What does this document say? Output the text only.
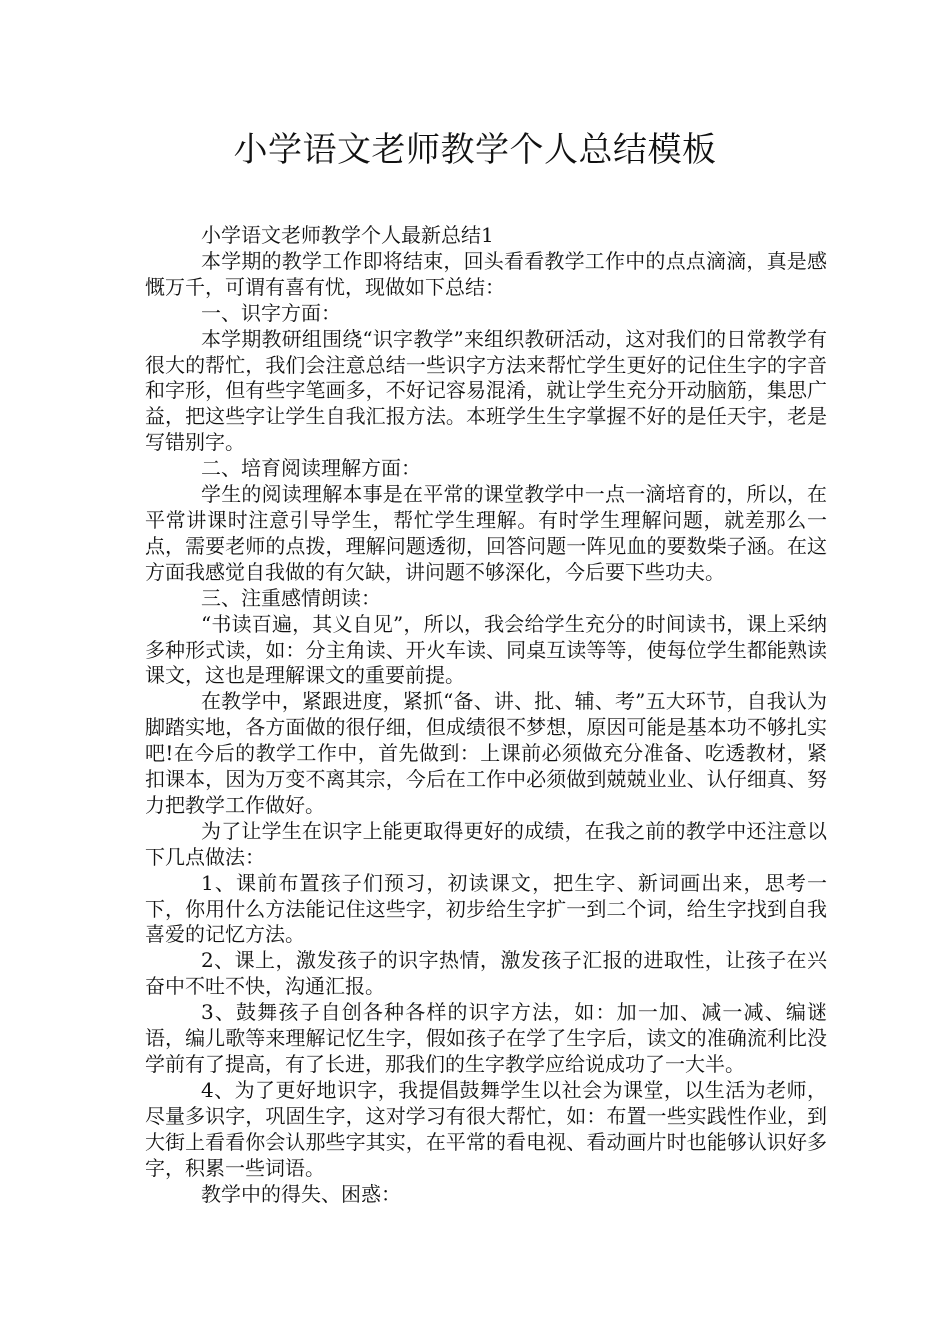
小学语文老师教学个人总结模板

小学语文老师教学个人最新总结1

本学期的教学工作即将结束，回头看看教学工作中的点点滴滴，真是感慨万千，可谓有喜有忧，现做如下总结：

一、识字方面：

本学期教研组围绕“识字教学”来组织教研活动，这对我们的日常教学有很大的帮忙，我们会注意总结一些识字方法来帮忙学生更好的记住生字的字音和字形，但有些字笔画多，不好记容易混淆，就让学生充分开动脑筋，集思广益，把这些字让学生自我汇报方法。本班学生生字掌握不好的是任天宇，老是写错别字。

二、培育阅读理解方面：

学生的阅读理解本事是在平常的课堂教学中一点一滴培育的，所以，在平常讲课时注意引导学生，帮忙学生理解。有时学生理解问题，就差那么一点，需要老师的点拨，理解问题透彻，回答问题一阵见血的要数柴子涵。在这方面我感觉自我做的有欠缺，讲问题不够深化，今后要下些功夫。

三、注重感情朗读：

“书读百遍，其义自见”，所以，我会给学生充分的时间读书，课上采纳多种形式读，如：分主角读、开火车读、同桌互读等等，使每位学生都能熟读课文，这也是理解课文的重要前提。

在教学中，紧跟进度，紧抓“备、讲、批、辅、考”五大环节，自我认为脚踏实地，各方面做的很仔细，但成绩很不梦想，原因可能是基本功不够扎实吧!在今后的教学工作中，首先做到：上课前必须做充分准备、吃透教材，紧扣课本，因为万变不离其宗，今后在工作中必须做到兢兢业业、认仔细真、努力把教学工作做好。

为了让学生在识字上能更取得更好的成绩，在我之前的教学中还注意以下几点做法：

1、课前布置孩子们预习，初读课文，把生字、新词画出来，思考一下，你用什么方法能记住这些字，初步给生字扩一到二个词，给生字找到自我喜爱的记忆方法。

2、课上，激发孩子的识字热情，激发孩子汇报的进取性，让孩子在兴奋中不吐不快，沟通汇报。

3、鼓舞孩子自创各种各样的识字方法，如：加一加、减一减、编谜语，编儿歌等来理解记忆生字，假如孩子在学了生字后，读文的准确流利比没学前有了提高，有了长进，那我们的生字教学应给说成功了一大半。

4、为了更好地识字，我提倡鼓舞学生以社会为课堂，以生活为老师，尽量多识字，巩固生字，这对学习有很大帮忙，如：布置一些实践性作业，到大街上看看你会认那些字其实，在平常的看电视、看动画片时也能够认识好多字，积累一些词语。

教学中的得失、困惑：
